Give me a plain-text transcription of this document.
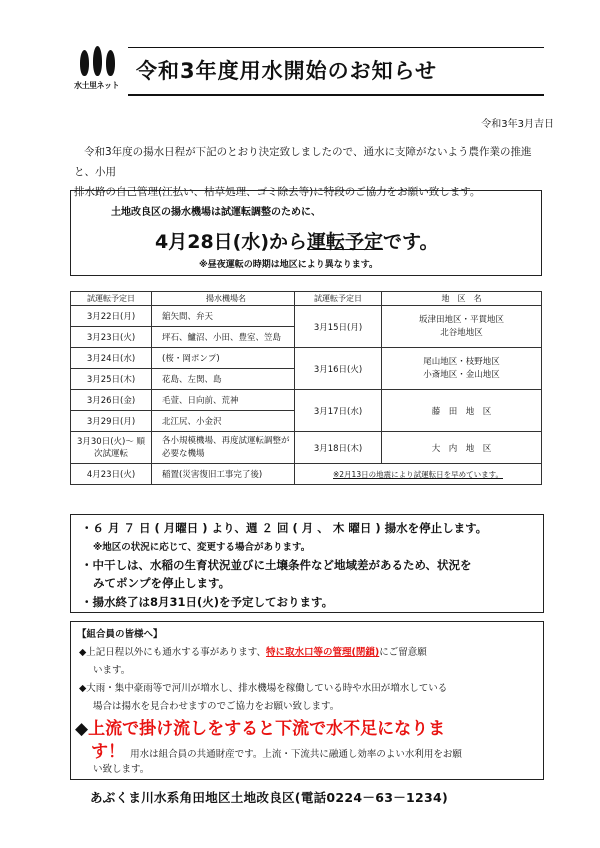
水土里ネット
令和3年度用水開始のお知らせ
令和3年3月吉日

令和3年度の揚水日程が下記のとおり決定致しましたので、通水に支障がないよう農作業の推進と、小用

排水路の自己管理(江払い、枯草処理、ゴミ除去等)に特段のご協力をお願い致します。
土地改良区の揚水機場は試運転調整のために、
4月28日(水)から運転予定です。
※昼夜運転の時期は地区により異なります。
試運転予定日	揚水機場名	試運転予定日	地　区　名
3月22日(月)	舘矢間、弁天	3月15日(月)	坂津田地区・平貫地区
北谷地地区

3月23日(火)	坪石、鱸沼、小田、豊室、笠島		
3月24日(水)	(桜・岡ポンプ)	3月16日(火)	尾山地区・枝野地区
小斎地区・金山地区

3月25日(木)	花島、左関、島		
3月26日(金)	毛萱、日向前、荒神	3月17日(水)	藤　田　地　区
3月29日(月)	北江尻、小金沢		
3月30日(火)～ 順次試運転	各小規模機場、再度試運転調整が必要な機場	3月18日(木)	大　内　地　区
4月23日(火)	稲置(災害復旧工事完了後)	※2月13日の地震により試運転日を早めています。	
・６ 月 ７ 日 ( 月曜日 ) より、週 ２ 回 ( 月 、 木 曜日 ) 揚水を停止します。
※地区の状況に応じて、変更する場合があります。
・中干しは、水稲の生育状況並びに土壌条件など地域差があるため、状況を
みてポンプを停止します。
・揚水終了は8月31日(火)を予定しております。
【組合員の皆様へ】
◆上記日程以外にも通水する事があります、特に取水口等の管理(閉鎖)にご留意願
います。
◆大雨・集中豪雨等で河川が増水し、排水機場を稼働している時や水田が増水している
場合は揚水を見合わせますのでご協力をお願い致します。
◆上流で掛け流しをすると下流で水不足になりま
す！ 用水は組合員の共通財産です。上流・下流共に融通し効率のよい水利用をお願
い致します。
あぶくま川水系角田地区土地改良区(電話0224－63－1234)
